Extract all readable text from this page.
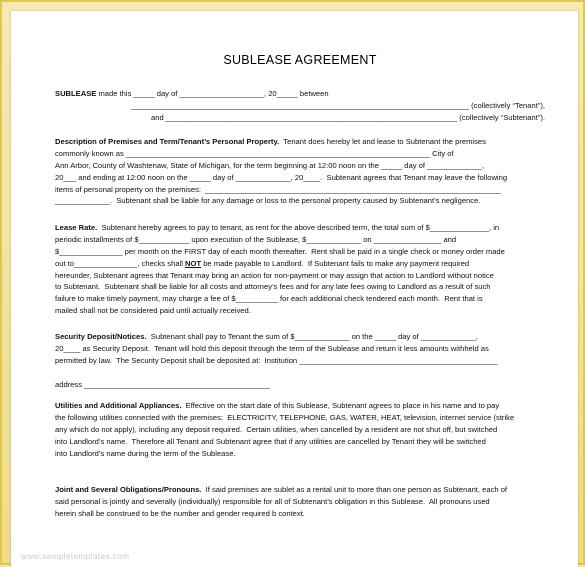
SUBLEASE AGREEMENT
SUBLEASE made this _____ day of ____________________, 20_____ between
________________________________________________________________________________ (collectively “Tenant”),
and _____________________________________________________________________ (collectively “Subtenant”).
Description of Premises and Term/Tenant’s Personal Property.  Tenant does hereby let and lease to Subtenant the premises
commonly known as ________________________________________________________________________ City of
Ann Arbor, County of Washtenaw, State of Michigan, for the term beginning at 12:00 noon on the _____ day of _____________,
20___ and ending at 12:00 noon on the _____ day of _____________, 20____.  Subtenant agrees that Tenant may leave the following
items of personal property on the premises:  ______________________________________________________________________
_____________.  Subtenant shall be liable for any damage or loss to the personal property caused by Subtenant’s negligence.
Lease Rate.  Subtenant hereby agrees to pay to tenant, as rent for the above described term, the total sum of $______________, in
periodic installments of $____________ upon execution of the Sublease, $_____________ on ________________ and
$_______________ per month on the FIRST day of each month thereafter.  Rent shall be paid in a single check or money order made
out to_______________, checks shall NOT be made payable to Landlord.  If Subtenant fails to make any payment required
hereunder, Subtenant agrees that Tenant may bring an action for non-payment or may assign that action to Landlord without notice
to Subtenant.  Subtenant shall be liable for all costs and attorney’s fees and for any late fees owing to Landlord as a result of such
failure to make timely payment, may charge a fee of $__________ for each additional check tendered each month.  Rent that is
mailed shall not be considered paid until actually received.
Security Deposit/Notices.  Subtenant shall pay to Tenant the sum of $_____________ on the _____ day of _____________,
20____ as Security Deposit.  Tenant will hold this deposit through the term of the Sublease and return it less amounts withheld as
permitted by law.  The Security Deposit shall be deposited at:  Institution _______________________________________________
address ____________________________________________
Utilities and Additional Appliances.  Effective on the start date of this Sublease, Subtenant agrees to place in his name and to pay
the following utilities connected with the premises:  ELECTRICITY, TELEPHONE, GAS, WATER, HEAT, television, internet service (strike
any which do not apply), including any deposit required.  Certain utilities, when cancelled by a resident are not shut off, but switched
into Landlord’s name.  Therefore all Tenant and Subtenant agree that if any utilities are cancelled by Tenant they will be switched
into Landlord’s name during the term of the Sublease.
Joint and Several Obligations/Pronouns.  If said premises are sublet as a rental unit to more than one person as Subtenant, each of
said personal is jointly and severally (individually) responsible for all of Subtenant’s obligation in this Sublease.  All pronouns used
herein shall be construed to be the number and gender required b context.
www.sampletemplates.com
